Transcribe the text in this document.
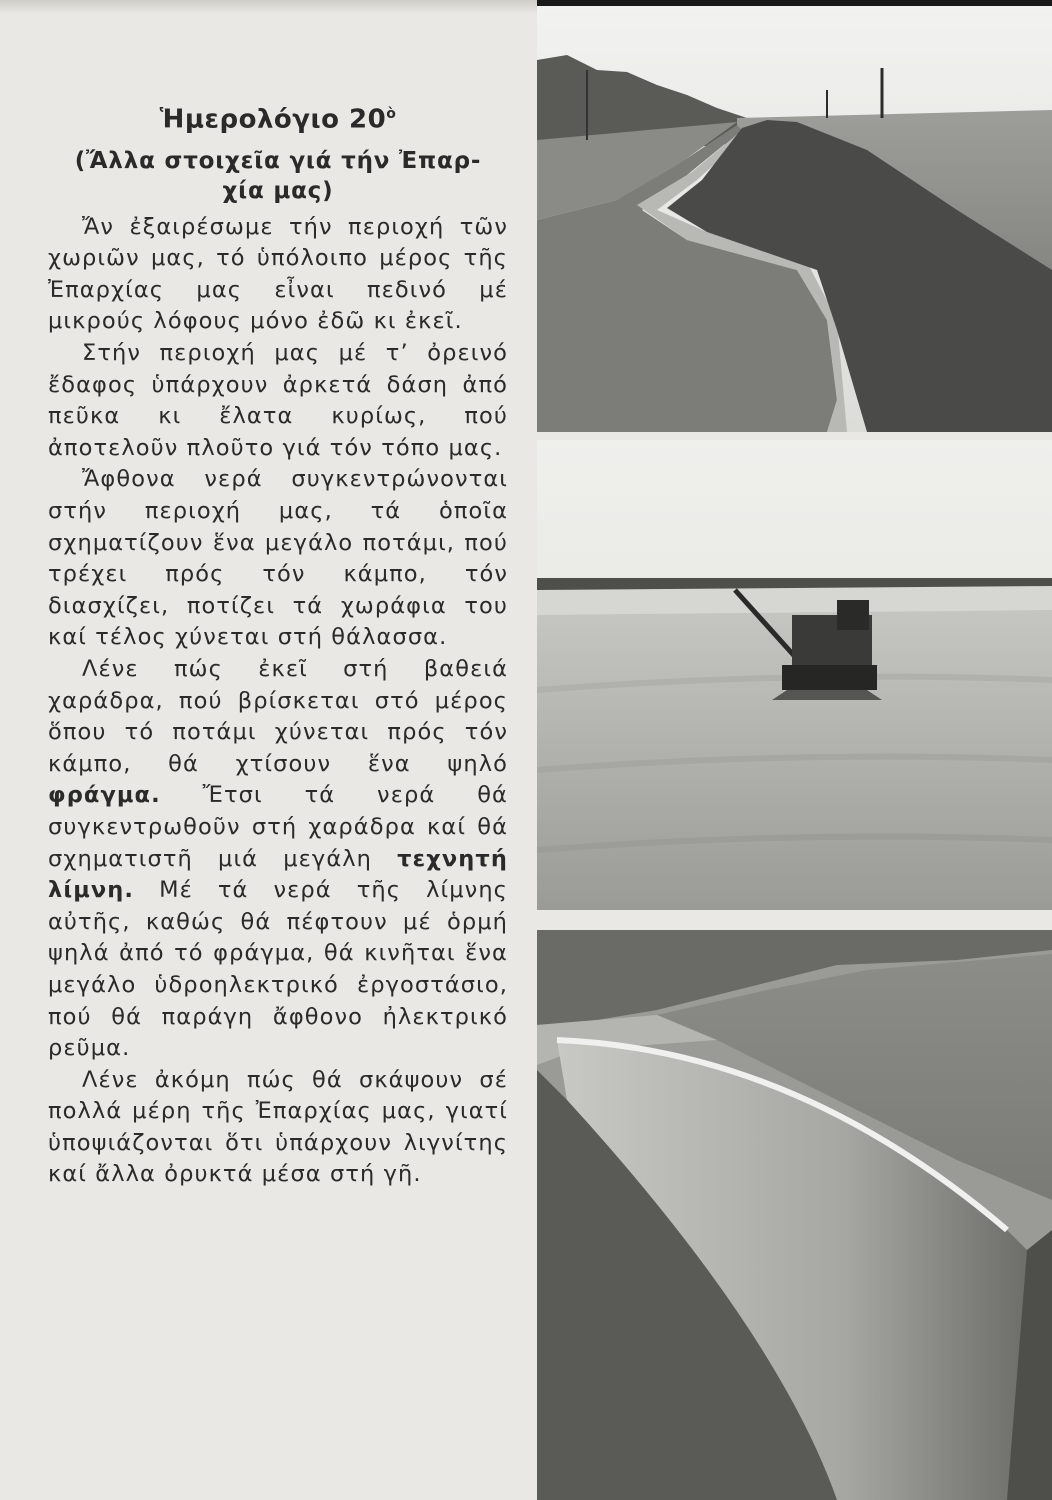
Ἡμερολόγιο $20^ὸ$
(Ἄλλα στοιχεῖα γιά τήν Ἐπαρ-
χία μας)

Ἄν ἐξαιρέσωμε τήν περιοχή τῶν χωριῶν μας, τό ὑπόλοιπο μέρος τῆς Ἐπαρχίας μας εἶναι πεδινό μέ μικρούς λόφους μόνο ἐδῶ κι ἐκεῖ.

Στήν περιοχή μας μέ τ’ ὀρεινό ἔδαφος ὑπάρχουν ἀρκετά δάση ἀπό πεῦκα κι ἔλατα κυρίως, πού ἀποτελοῦν πλοῦτο γιά τόν τόπο μας.

Ἄφθονα νερά συγκεντρώνονται στήν περιοχή μας, τά ὁποῖα σχηματίζουν ἕνα μεγάλο ποτάμι, πού τρέχει πρός τόν κάμπο, τόν διασχίζει, ποτίζει τά χωράφια του καί τέλος χύνεται στή θάλασσα.

Λένε πώς ἐκεῖ στή βαθειά χαράδρα, πού βρίσκεται στό μέρος ὅπου τό ποτάμι χύνεται πρός τόν κάμπο, θά χτίσουν ἕνα ψηλό φράγμα. Ἔτσι τά νερά θά συγκεντρωθοῦν στή χαράδρα καί θά σχηματιστῆ μιά μεγάλη τεχνητή λίμνη. Μέ τά νερά τῆς λίμνης αὐτῆς, καθώς θά πέφτουν μέ ὁρμή ψηλά ἀπό τό φράγμα, θά κινῆται ἕνα μεγάλο ὑδροηλεκτρικό ἐργοστάσιο, πού θά παράγη ἄφθονο ἠλεκτρικό ρεῦμα.

Λένε ἀκόμη πώς θά σκάψουν σέ πολλά μέρη τῆς Ἐπαρχίας μας, γιατί ὑποψιάζονται ὅτι ὑπάρχουν λιγνίτης καί ἄλλα ὀρυκτά μέσα στή γῆ.
